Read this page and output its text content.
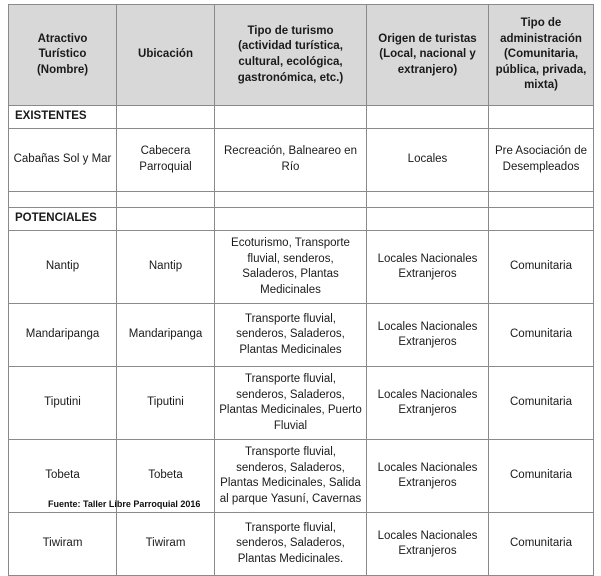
Atractivo Turístico (Nombre)	Ubicación	Tipo de turismo (actividad turística, cultural, ecológica, gastronómica, etc.)	Origen de turistas (Local, nacional y extranjero)	Tipo de administración (Comunitaria, pública, privada, mixta)
EXISTENTES				
Cabañas Sol y Mar	Cabecera Parroquial	Recreación, Balneareo en Río	Locales	Pre Asociación de Desempleados

POTENCIALES				
Nantip	Nantip	Ecoturismo, Transporte fluvial, senderos, Saladeros, Plantas Medicinales	Locales Nacionales Extranjeros	Comunitaria
Mandaripanga	Mandaripanga	Transporte fluvial, senderos, Saladeros, Plantas Medicinales	Locales Nacionales Extranjeros	Comunitaria
Tiputini	Tiputini	Transporte fluvial, senderos, Saladeros, Plantas Medicinales, Puerto Fluvial	Locales Nacionales Extranjeros	Comunitaria
Tobeta	Tobeta	Transporte fluvial, senderos, Saladeros, Plantas Medicinales, Salida al parque Yasuní, Cavernas	Locales Nacionales Extranjeros	Comunitaria
Tiwiram	Tiwiram	Transporte fluvial, senderos, Saladeros, Plantas Medicinales.	Locales Nacionales Extranjeros	Comunitaria
Fuente: Taller Libre Parroquial 2016
